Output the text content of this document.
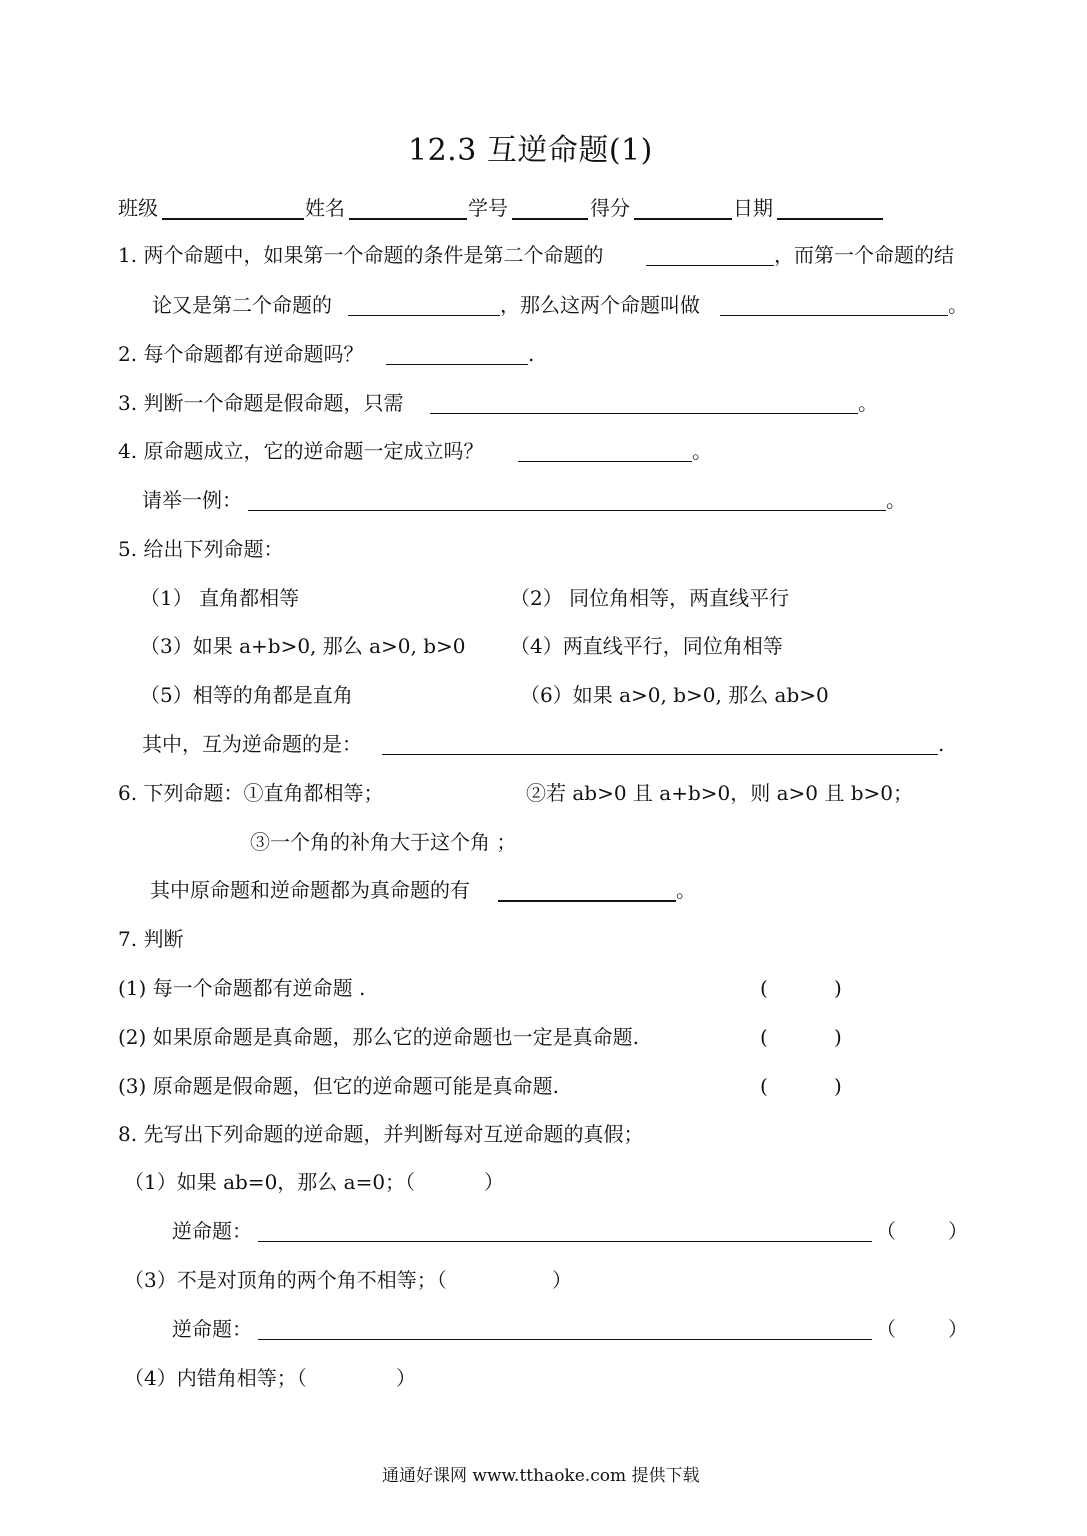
12.3 互逆命题(1)
班级	姓名	学号	得分	日期
1. 两个命题中，如果第一个命题的条件是第二个命题的	，而第一个命题的结
论又是第二个命题的	，那么这两个命题叫做	。
2. 每个命题都有逆命题吗？	.
3. 判断一个命题是假命题，只需	。
4. 原命题成立，它的逆命题一定成立吗？	。
请举一例：	。
5. 给出下列命题：
（1） 直角都相等	（2） 同位角相等，两直线平行
（3）如果 a+b>0, 那么 a>0, b>0 （4）两直线平行，同位角相等
（5）相等的角都是直角	（6）如果 a>0, b>0, 那么 ab>0
其中，互为逆命题的是：	.
6. 下列命题：①直角都相等；	②若 ab>0 且 a+b>0，则 a>0 且 b>0；
③一个角的补角大于这个角 ；
其中原命题和逆命题都为真命题的有	。
7. 判断
(1) 每一个命题都有逆命题 .	(	)
(2) 如果原命题是真命题，那么它的逆命题也一定是真命题.	(	)
(3) 原命题是假命题，但它的逆命题可能是真命题.	(	)
8. 先写出下列命题的逆命题，并判断每对互逆命题的真假；
（1）如果 ab=0，那么 a=0；（	）
逆命题：	（	）
（3）不是对顶角的两个角不相等；（	）
逆命题：	（	）
（4）内错角相等；（	）
通通好课网 www.tthaoke.com 提供下载
